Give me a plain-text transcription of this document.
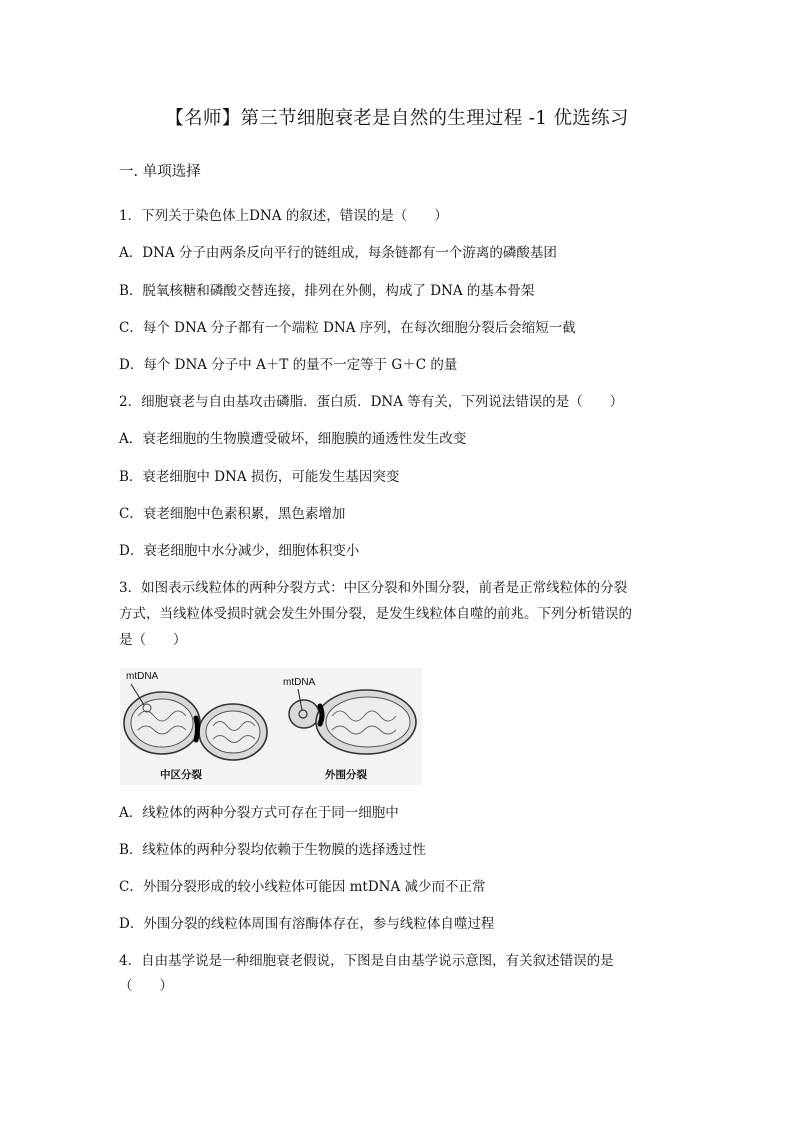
【名师】第三节细胞衰老是自然的生理过程 -1 优选练习
一. 单项选择
1．下列关于染色体上DNA 的叙述，错误的是（　　）
A．DNA 分子由两条反向平行的链组成，每条链都有一个游离的磷酸基团
B．脱氧核糖和磷酸交替连接，排列在外侧，构成了 DNA 的基本骨架
C．每个 DNA 分子都有一个端粒 DNA 序列，在每次细胞分裂后会缩短一截
D．每个 DNA 分子中 A＋T 的量不一定等于 G＋C 的量
2．细胞衰老与自由基攻击磷脂．蛋白质．DNA 等有关，下列说法错误的是（　　）
A．衰老细胞的生物膜遭受破坏，细胞膜的通透性发生改变
B．衰老细胞中 DNA 损伤，可能发生基因突变
C．衰老细胞中色素积累，黑色素增加
D．衰老细胞中水分减少，细胞体积变小
3．如图表示线粒体的两种分裂方式：中区分裂和外围分裂，前者是正常线粒体的分裂
方式，当线粒体受损时就会发生外围分裂，是发生线粒体自噬的前兆。下列分析错误的
是（　　）
mtDNA
mtDNA
中区分裂	外围分裂
A．线粒体的两种分裂方式可存在于同一细胞中
B．线粒体的两种分裂均依赖于生物膜的选择透过性
C．外围分裂形成的较小线粒体可能因 mtDNA 减少而不正常
D．外围分裂的线粒体周围有溶酶体存在，参与线粒体自噬过程
4．自由基学说是一种细胞衰老假说，下图是自由基学说示意图，有关叙述错误的是
（　　）
